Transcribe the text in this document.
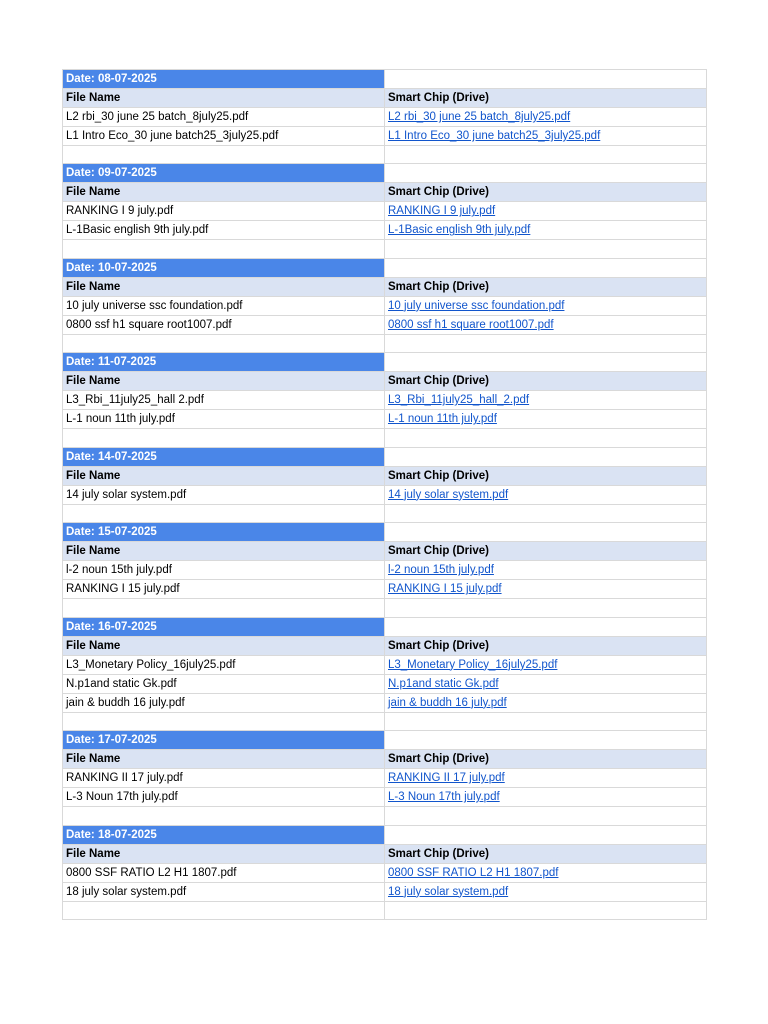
Date: 08-07-2025	
File Name	Smart Chip (Drive)
L2 rbi_30 june 25 batch_8july25.pdf	L2 rbi_30 june 25 batch_8july25.pdf
L1 Intro Eco_30 june batch25_3july25.pdf	L1 Intro Eco_30 june batch25_3july25.pdf

Date: 09-07-2025	
File Name	Smart Chip (Drive)
RANKING I 9 july.pdf	RANKING I 9 july.pdf
L-1Basic english 9th july.pdf	L-1Basic english 9th july.pdf

Date: 10-07-2025	
File Name	Smart Chip (Drive)
10 july universe ssc foundation.pdf	10 july universe ssc foundation.pdf
0800 ssf h1 square root1007.pdf	0800 ssf h1 square root1007.pdf

Date: 11-07-2025	
File Name	Smart Chip (Drive)
L3_Rbi_11july25_hall 2.pdf	L3_Rbi_11july25_hall_2.pdf
L-1 noun 11th july.pdf	L-1 noun 11th july.pdf

Date: 14-07-2025	
File Name	Smart Chip (Drive)
14 july solar system.pdf	14 july solar system.pdf

Date: 15-07-2025	
File Name	Smart Chip (Drive)
l-2 noun 15th july.pdf	l-2 noun 15th july.pdf
RANKING I 15 july.pdf	RANKING I 15 july.pdf

Date: 16-07-2025	
File Name	Smart Chip (Drive)
L3_Monetary Policy_16july25.pdf	L3_Monetary Policy_16july25.pdf
N.p1and static Gk.pdf	N.p1and static Gk.pdf
jain & buddh 16 july.pdf	jain & buddh 16 july.pdf

Date: 17-07-2025	
File Name	Smart Chip (Drive)
RANKING II 17 july.pdf	RANKING II 17 july.pdf
L-3 Noun 17th july.pdf	L-3 Noun 17th july.pdf

Date: 18-07-2025	
File Name	Smart Chip (Drive)
0800 SSF RATIO L2 H1 1807.pdf	0800 SSF RATIO L2 H1 1807.pdf
18 july solar system.pdf	18 july solar system.pdf
